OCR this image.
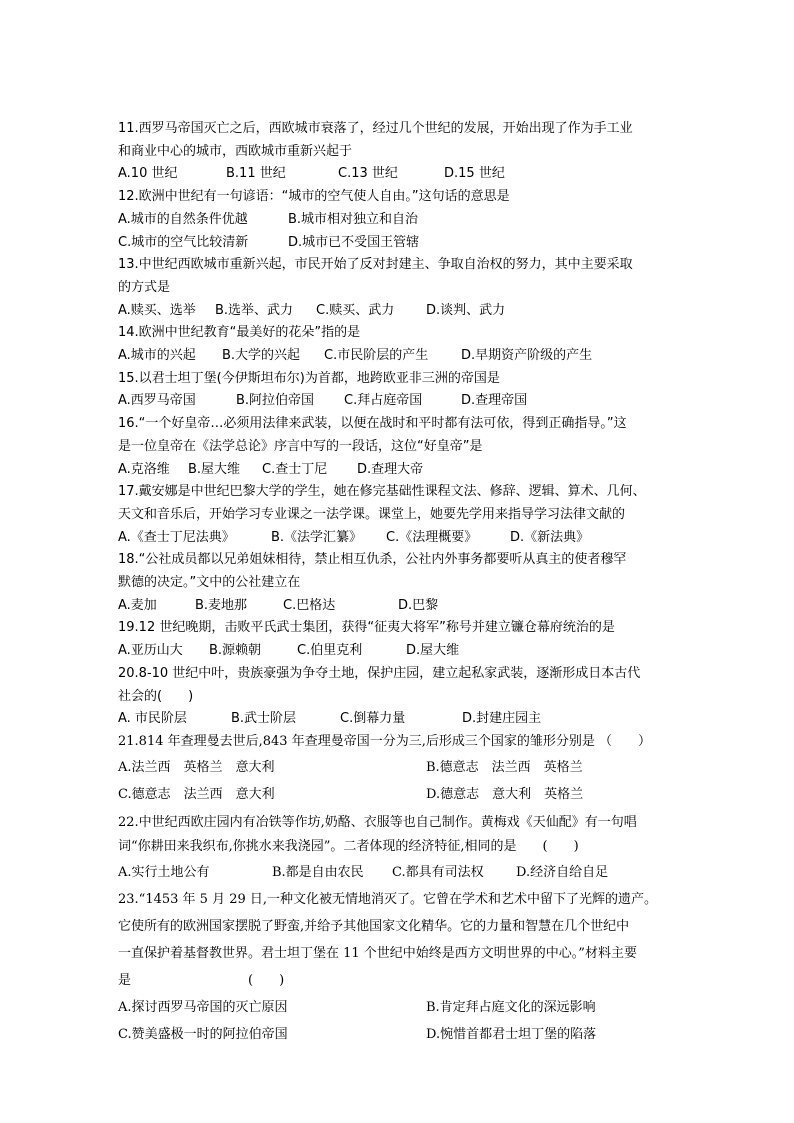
11.西罗马帝国灭亡之后，西欧城市衰落了，经过几个世纪的发展，开始出现了作为手工业
和商业中心的城市，西欧城市重新兴起于
A.10 世纪	B.11 世纪	C.13 世纪	D.15 世纪
12.欧洲中世纪有一句谚语：“城市的空气使人自由。”这句话的意思是
A.城市的自然条件优越	B.城市相对独立和自治
C.城市的空气比较清新	D.城市已不受国王管辖
13.中世纪西欧城市重新兴起，市民开始了反对封建主、争取自治权的努力，其中主要采取
的方式是
A.赎买、选举	B.选举、武力	C.赎买、武力	D.谈判、武力
14.欧洲中世纪教育“最美好的花朵”指的是
A.城市的兴起	B.大学的兴起	C.市民阶层的产生	D.早期资产阶级的产生
15.以君士坦丁堡(今伊斯坦布尔)为首都，地跨欧亚非三洲的帝国是
A.西罗马帝国	B.阿拉伯帝国	C.拜占庭帝国	D.查理帝国
16.“一个好皇帝…必须用法律来武装，以便在战时和平时都有法可依，得到正确指导。”这
是一位皇帝在《法学总论》序言中写的一段话，这位“好皇帝”是
A.克洛维	B.屋大维	C.查士丁尼	D.查理大帝
17.戴安娜是中世纪巴黎大学的学生，她在修完基础性课程文法、修辞、逻辑、算术、几何、
天文和音乐后，开始学习专业课之一法学课。课堂上，她要先学用来指导学习法律文献的
A.《查士丁尼法典》	B.《法学汇纂》	C.《法理概要》	D.《新法典》
18.“公社成员都以兄弟姐妹相待，禁止相互仇杀，公社内外事务都要听从真主的使者穆罕
默德的决定。”文中的公社建立在
A.麦加	B.麦地那	C.巴格达	D.巴黎
19.12 世纪晚期，击败平氏武士集团，获得“征夷大将军”称号并建立镰仓幕府统治的是
A.亚历山大	B.源赖朝	C.伯里克利	D.屋大维
20.8-10 世纪中叶，贵族豪强为争夺土地，保护庄园，建立起私家武装，逐渐形成日本古代
社会的(　　)
A. 市民阶层	B.武士阶层	C.倒幕力量	D.封建庄园主
21.814 年查理曼去世后,843 年查理曼帝国一分为三,后形成三个国家的雏形分别是 （　　）
A.法兰西　英格兰　意大利	B.德意志　法兰西　英格兰
C.德意志　法兰西　意大利	D.德意志　意大利　英格兰
22.中世纪西欧庄园内有冶铁等作坊,奶酪、衣服等也自己制作。黄梅戏《天仙配》有一句唱
词“你耕田来我织布,你挑水来我浇园”。二者体现的经济特征,相同的是　　(　　)
A.实行土地公有	B.都是自由农民	C.都具有司法权	D.经济自给自足
23.“1453 年 5 月 29 日,一种文化被无情地消灭了。它曾在学术和艺术中留下了光辉的遗产。
它使所有的欧洲国家摆脱了野蛮,并给予其他国家文化精华。它的力量和智慧在几个世纪中
一直保护着基督教世界。君士坦丁堡在 11 个世纪中始终是西方文明世界的中心。”材料主要
是　　　　　　　　　(　　)
A.探讨西罗马帝国的灭亡原因	B.肯定拜占庭文化的深远影响
C.赞美盛极一时的阿拉伯帝国	D.惋惜首都君士坦丁堡的陷落
